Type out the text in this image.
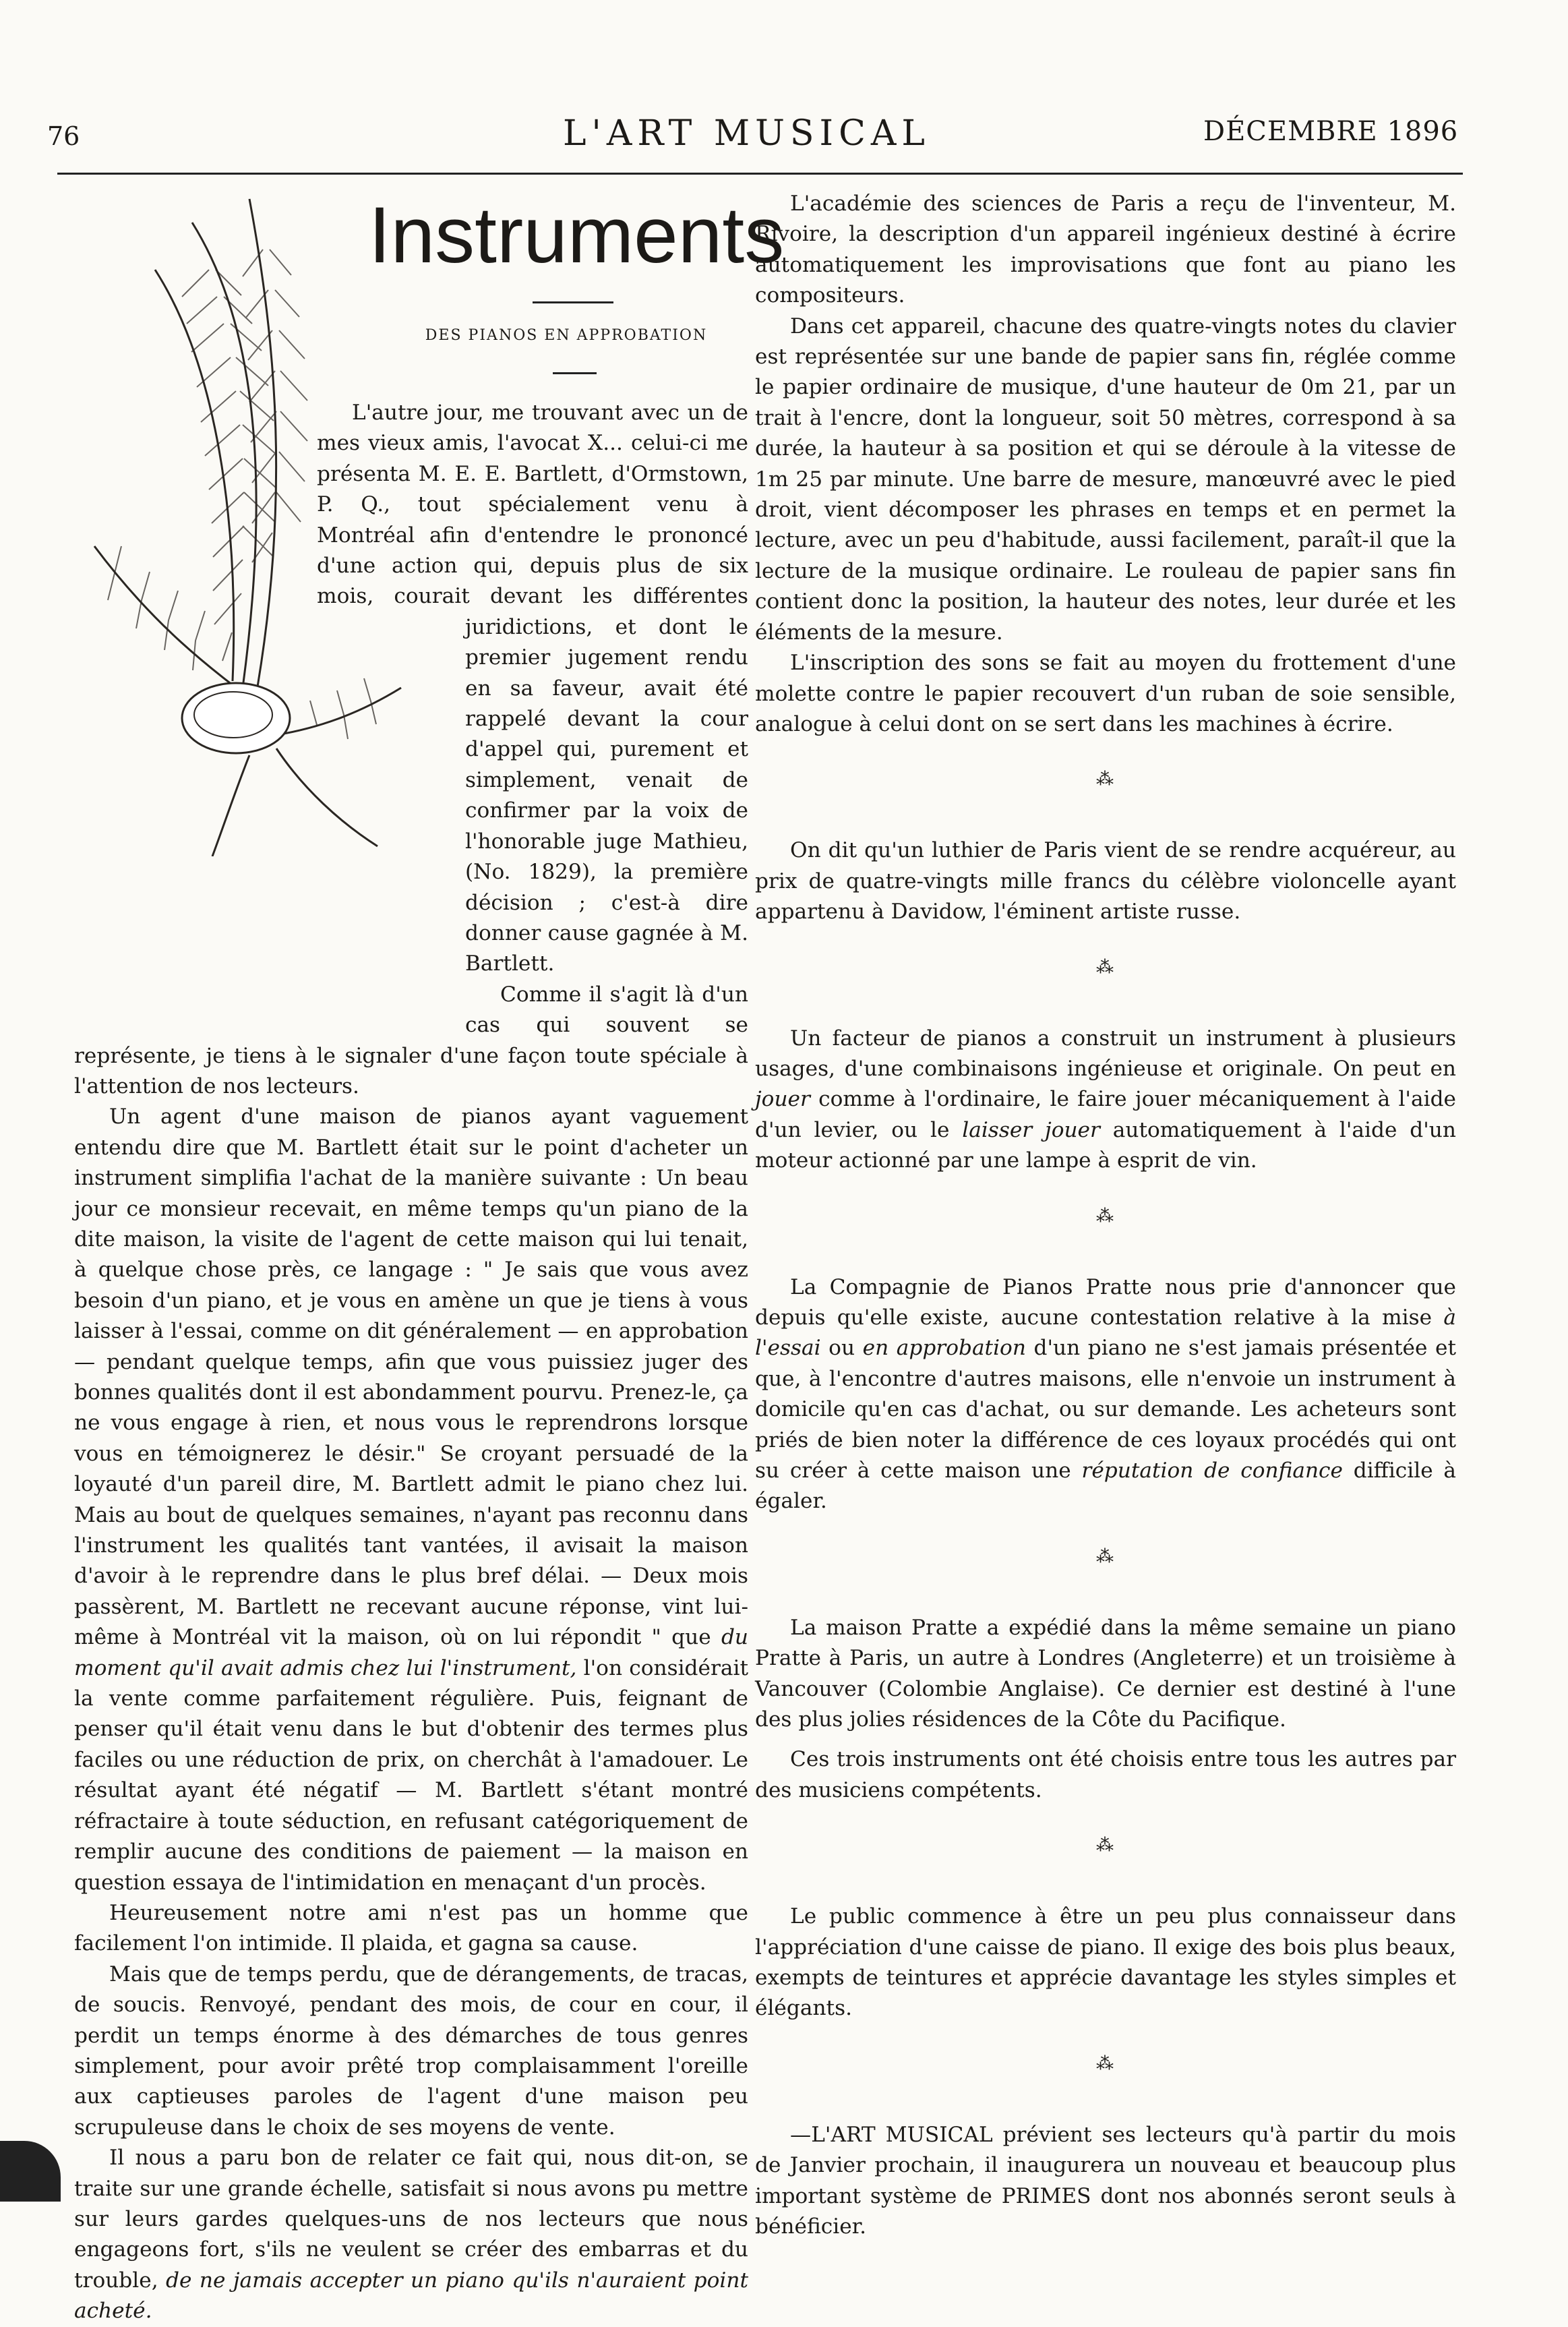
76	L'ART MUSICAL	DÉCEMBRE 1896
Instruments
DES PIANOS EN APPROBATION

L'autre jour, me trouvant avec un de mes vieux amis, l'avocat X... celui-ci me présenta M. E. E. Bartlett, d'Ormstown, P. Q., tout spécialement venu à Montréal afin d'entendre le prononcé d'une action qui, depuis plus de six mois, courait devant les différentes juridictions, et dont le premier jugement rendu en sa faveur, avait été rappelé devant la cour d'appel qui, purement et simplement, venait de confirmer par la voix de l'honorable juge Mathieu, (No. 1829), la première décision ; c'est-à dire donner cause gagnée à M. Bartlett.

Comme il s'agit là d'un cas qui souvent se représente, je tiens à le signaler d'une façon toute spéciale à l'attention de nos lecteurs.

Un agent d'une maison de pianos ayant vaguement entendu dire que M. Bartlett était sur le point d'acheter un instrument simplifia l'achat de la manière suivante : Un beau jour ce monsieur recevait, en même temps qu'un piano de la dite maison, la visite de l'agent de cette maison qui lui tenait, à quelque chose près, ce langage : " Je sais que vous avez besoin d'un piano, et je vous en amène un que je tiens à vous laisser à l'essai, comme on dit généralement — en approbation — pendant quelque temps, afin que vous puissiez juger des bonnes qualités dont il est abondamment pourvu. Prenez-le, ça ne vous engage à rien, et nous vous le reprendrons lorsque vous en témoignerez le désir." Se croyant persuadé de la loyauté d'un pareil dire, M. Bartlett admit le piano chez lui. Mais au bout de quelques semaines, n'ayant pas reconnu dans l'instrument les qualités tant vantées, il avisait la maison d'avoir à le reprendre dans le plus bref délai. — Deux mois passèrent, M. Bartlett ne recevant aucune réponse, vint lui-même à Montréal vit la maison, où on lui répondit " que du moment qu'il avait admis chez lui l'instrument, l'on considérait la vente comme parfaitement régulière. Puis, feignant de penser qu'il était venu dans le but d'obtenir des termes plus faciles ou une réduction de prix, on cherchât à l'amadouer. Le résultat ayant été négatif — M. Bartlett s'étant montré réfractaire à toute séduction, en refusant catégoriquement de remplir aucune des conditions de paiement — la maison en question essaya de l'intimidation en menaçant d'un procès.

Heureusement notre ami n'est pas un homme que facilement l'on intimide. Il plaida, et gagna sa cause.

Mais que de temps perdu, que de dérangements, de tracas, de soucis. Renvoyé, pendant des mois, de cour en cour, il perdit un temps énorme à des démarches de tous genres simplement, pour avoir prêté trop complaisamment l'oreille aux captieuses paroles de l'agent d'une maison peu scrupuleuse dans le choix de ses moyens de vente.

Il nous a paru bon de relater ce fait qui, nous dit-on, se traite sur une grande échelle, satisfait si nous avons pu mettre sur leurs gardes quelques-uns de nos lecteurs que nous engageons fort, s'ils ne veulent se créer des embarras et du trouble, de ne jamais accepter un piano qu'ils n'auraient point acheté.

L'académie des sciences de Paris a reçu de l'inventeur, M. Rivoire, la description d'un appareil ingénieux destiné à écrire automatiquement les improvisations que font au piano les compositeurs.

Dans cet appareil, chacune des quatre-vingts notes du clavier est représentée sur une bande de papier sans fin, réglée comme le papier ordinaire de musique, d'une hauteur de 0m 21, par un trait à l'encre, dont la longueur, soit 50 mètres, correspond à sa durée, la hauteur à sa position et qui se déroule à la vitesse de 1m 25 par minute. Une barre de mesure, manœuvré avec le pied droit, vient décomposer les phrases en temps et en permet la lecture, avec un peu d'habitude, aussi facilement, paraît-il que la lecture de la musique ordinaire. Le rouleau de papier sans fin contient donc la position, la hauteur des notes, leur durée et les éléments de la mesure.

L'inscription des sons se fait au moyen du frottement d'une molette contre le papier recouvert d'un ruban de soie sensible, analogue à celui dont on se sert dans les machines à écrire.

⁂

On dit qu'un luthier de Paris vient de se rendre acquéreur, au prix de quatre-vingts mille francs du célèbre violoncelle ayant appartenu à Davidow, l'éminent artiste russe.

⁂

Un facteur de pianos a construit un instrument à plusieurs usages, d'une combinaisons ingénieuse et originale. On peut en jouer comme à l'ordinaire, le faire jouer mécaniquement à l'aide d'un levier, ou le laisser jouer automatiquement à l'aide d'un moteur actionné par une lampe à esprit de vin.

⁂

La Compagnie de Pianos Pratte nous prie d'annoncer que depuis qu'elle existe, aucune contestation relative à la mise à l'essai ou en approbation d'un piano ne s'est jamais présentée et que, à l'encontre d'autres maisons, elle n'envoie un instrument à domicile qu'en cas d'achat, ou sur demande. Les acheteurs sont priés de bien noter la différence de ces loyaux procédés qui ont su créer à cette maison une réputation de confiance difficile à égaler.

⁂

La maison Pratte a expédié dans la même semaine un piano Pratte à Paris, un autre à Londres (Angleterre) et un troisième à Vancouver (Colombie Anglaise). Ce dernier est destiné à l'une des plus jolies résidences de la Côte du Pacifique.

Ces trois instruments ont été choisis entre tous les autres par des musiciens compétents.

⁂

Le public commence à être un peu plus connaisseur dans l'appréciation d'une caisse de piano. Il exige des bois plus beaux, exempts de teintures et apprécie davantage les styles simples et élégants.

⁂

—L'ART MUSICAL prévient ses lecteurs qu'à partir du mois de Janvier prochain, il inaugurera un nouveau et beaucoup plus important système de PRIMES dont nos abonnés seront seuls à bénéficier.
